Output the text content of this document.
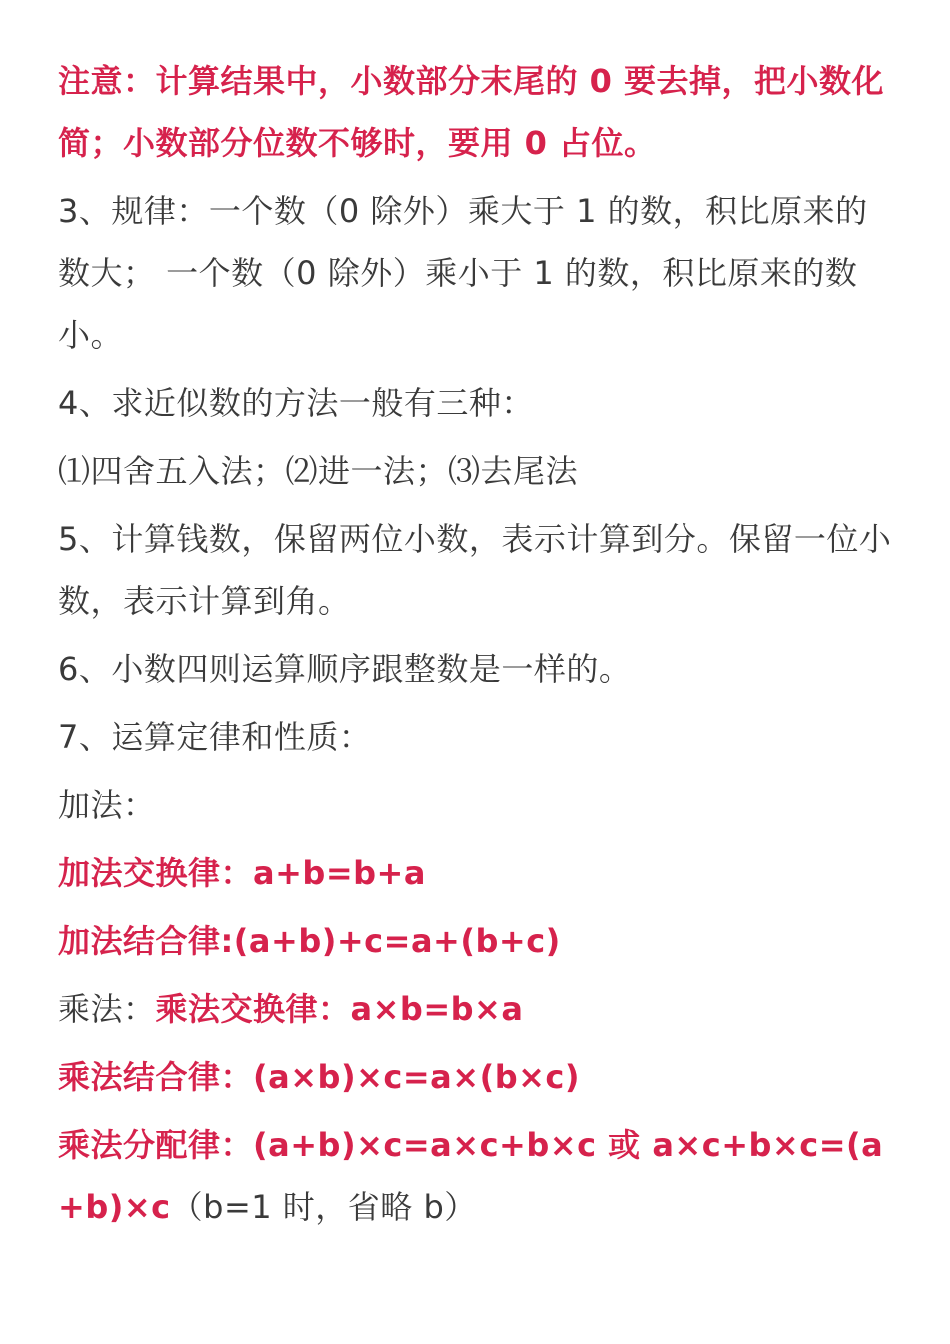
注意：计算结果中，小数部分末尾的 0 要去掉，把小数化简；小数部分位数不够时，要用 0 占位。

3、规律：一个数（0 除外）乘大于 1 的数，积比原来的数大； 一个数（0 除外）乘小于 1 的数，积比原来的数小。

4、求近似数的方法一般有三种：

⑴四舍五入法；⑵进一法；⑶去尾法

5、计算钱数，保留两位小数，表示计算到分。保留一位小数，表示计算到角。

6、小数四则运算顺序跟整数是一样的。

7、运算定律和性质：

加法：

加法交换律：a+b=b+a

加法结合律:(a+b)+c=a+(b+c)

乘法：乘法交换律：a×b=b×a

乘法结合律：(a×b)×c=a×(b×c)

乘法分配律：(a+b)×c=a×c+b×c 或 a×c+b×c=(a+b)×c（b=1 时，省略 b）
